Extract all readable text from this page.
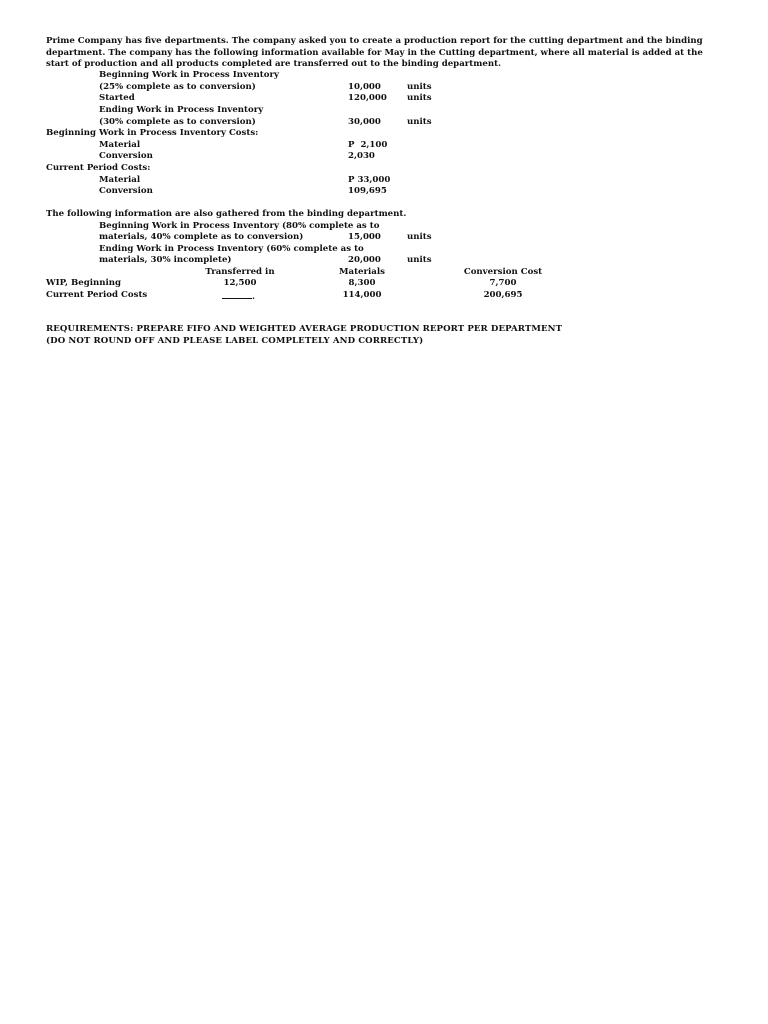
Prime Company has five departments. The company asked you to create a production report for the cutting department and the binding department. The company has the following information available for May in the Cutting department, where all material is added at the start of production and all products completed are transferred out to the binding department.
Beginning Work in Process Inventory
(25% complete as to conversion)	10,000	units
Started	120,000 units
Ending Work in Process Inventory
(30% complete as to conversion)	30,000	units
Beginning Work in Process Inventory Costs:
Material	P  2,100
Conversion	2,030
Current Period Costs:
Material	P 33,000
Conversion	109,695
The following information are also gathered from the binding department.
Beginning Work in Process Inventory (80% complete as to
materials, 40% complete as to conversion)	15,000	units
Ending Work in Process Inventory (60% complete as to
materials, 30% incomplete)	20,000	units
Transferred in	Materials	Conversion Cost
WIP, Beginning	12,500	8,300	7,700
Current Period Costs	.	114,000	200,695
REQUIREMENTS: PREPARE FIFO AND WEIGHTED AVERAGE PRODUCTION REPORT PER DEPARTMENT
(DO NOT ROUND OFF AND PLEASE LABEL COMPLETELY AND CORRECTLY)
